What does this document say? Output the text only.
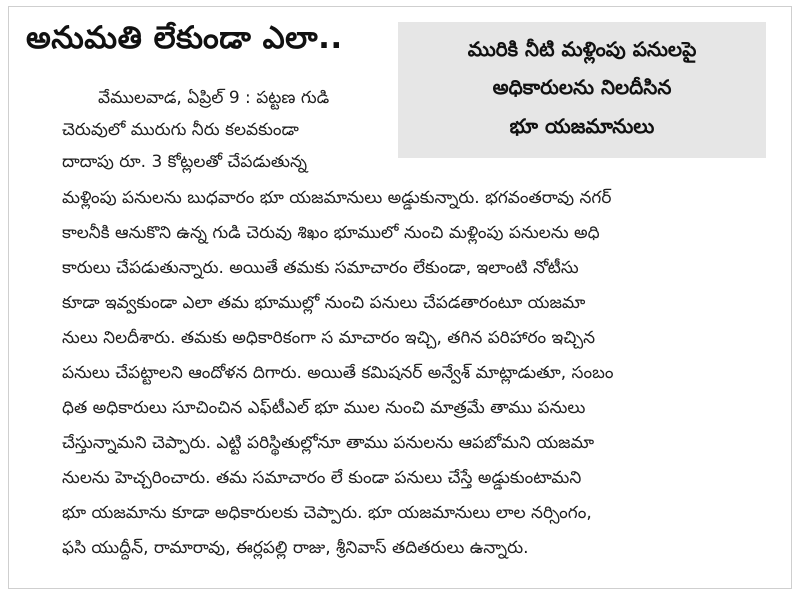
అనుమతి లేకుండా ఎలా..	మురికి నీటి మళ్లింపు పనులపై
అధికారులను నిలదీసిన
భూ యజమానులు
వేములవాడ, ఏప్రిల్ 9 : పట్టణ గుడి
చెరువులో మురుగు నీరు కలవకుండా
దాదాపు రూ. 3 కోట్లలతో చేపడుతున్న
మళ్లింపు పనులను బుధవారం భూ యజమానులు అడ్డుకున్నారు. భగవంతరావు నగర్
కాలనీకి ఆనుకొని ఉన్న గుడి చెరువు శిఖం భూములో నుంచి మళ్లింపు పనులను అధి
కారులు చేపడుతున్నారు. అయితే తమకు సమాచారం లేకుండా, ఇలాంటి నోటీసు
కూడా ఇవ్వకుండా ఎలా తమ భూముల్లో నుంచి పనులు చేపడతారంటూ యజమా
నులు నిలదీశారు. తమకు అధికారికంగా స మాచారం ఇచ్చి, తగిన పరిహారం ఇచ్చిన
పనులు చేపట్టాలని ఆందోళన దిగారు. అయితే కమిషనర్ అన్వేశ్ మాట్లాడుతూ, సంబం
ధిత అధికారులు సూచించిన ఎఫ్‌టీఎల్ భూ ముల నుంచి మాత్రమే తాము పనులు
చేస్తున్నామని చెప్పారు. ఎట్టి పరిస్థితుల్లోనూ తాము పనులను ఆపబోమని యజమా
నులను హెచ్చరించారు. తమ సమాచారం లే కుండా పనులు చేస్తే అడ్డుకుంటామని
భూ యజమాను కూడా అధికారులకు చెప్పారు. భూ యజమానులు లాల నర్సింగం,
ఫసి యుద్దీన్, రామారావు, ఈర్లపల్లి రాజు, శ్రీనివాస్ తదితరులు ఉన్నారు.
